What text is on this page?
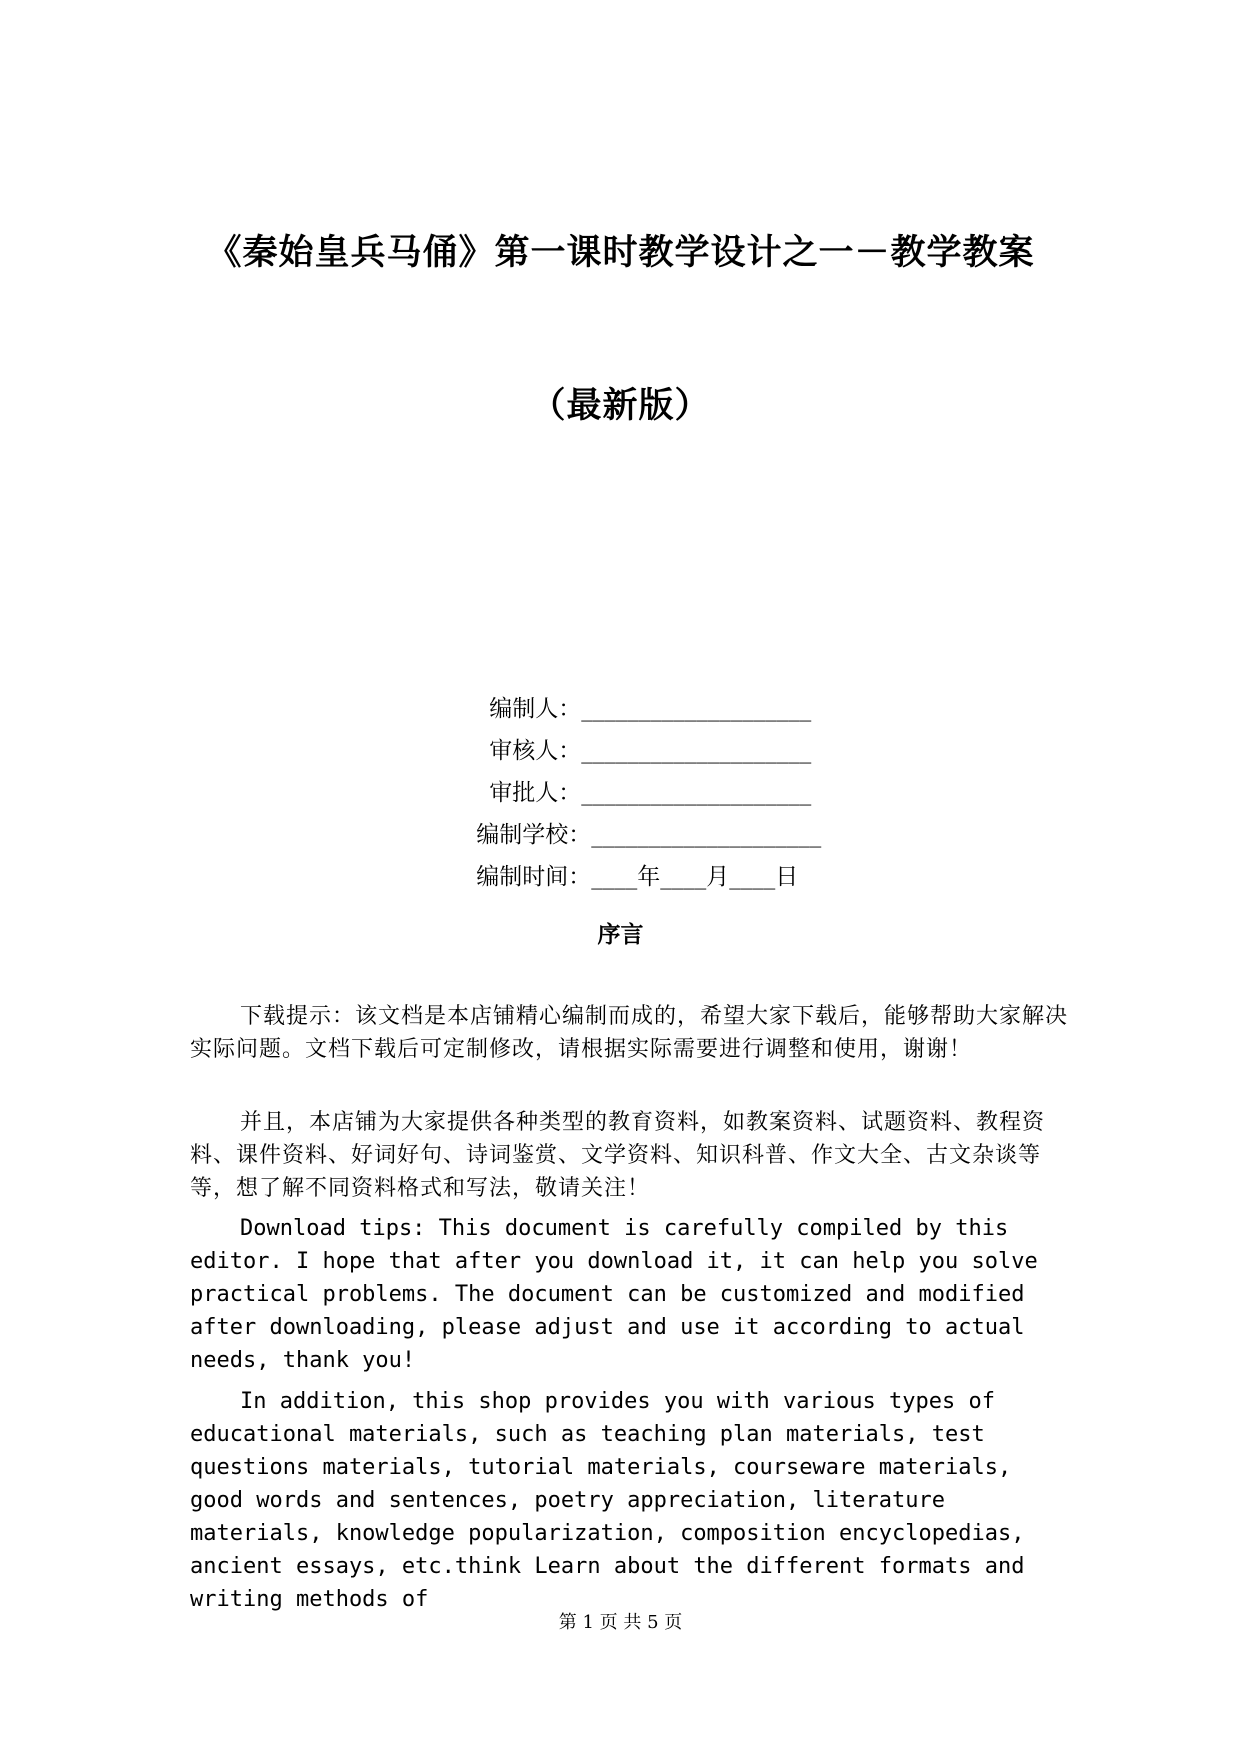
《秦始皇兵马俑》第一课时教学设计之一－教学教案
（最新版）

编制人：____________________

审核人：____________________

审批人：____________________

编制学校：____________________

编制时间：____年____月____日

序言

下载提示：该文档是本店铺精心编制而成的，希望大家下载后，能够帮助大家解决实际问题。文档下载后可定制修改，请根据实际需要进行调整和使用，谢谢！

并且，本店铺为大家提供各种类型的教育资料，如教案资料、试题资料、教程资料、课件资料、好词好句、诗词鉴赏、文学资料、知识科普、作文大全、古文杂谈等等，想了解不同资料格式和写法，敬请关注！

Download tips: This document is carefully compiled by this editor. I hope that after you download it, it can help you solve practical problems. The document can be customized and modified after downloading, please adjust and use it according to actual needs, thank you!

In addition, this shop provides you with various types of educational materials, such as teaching plan materials, test questions materials, tutorial materials, courseware materials, good words and sentences, poetry appreciation, literature materials, knowledge popularization, composition encyclopedias, ancient essays, etc.think Learn about the different formats and writing methods of

第 1 页 共 5 页
